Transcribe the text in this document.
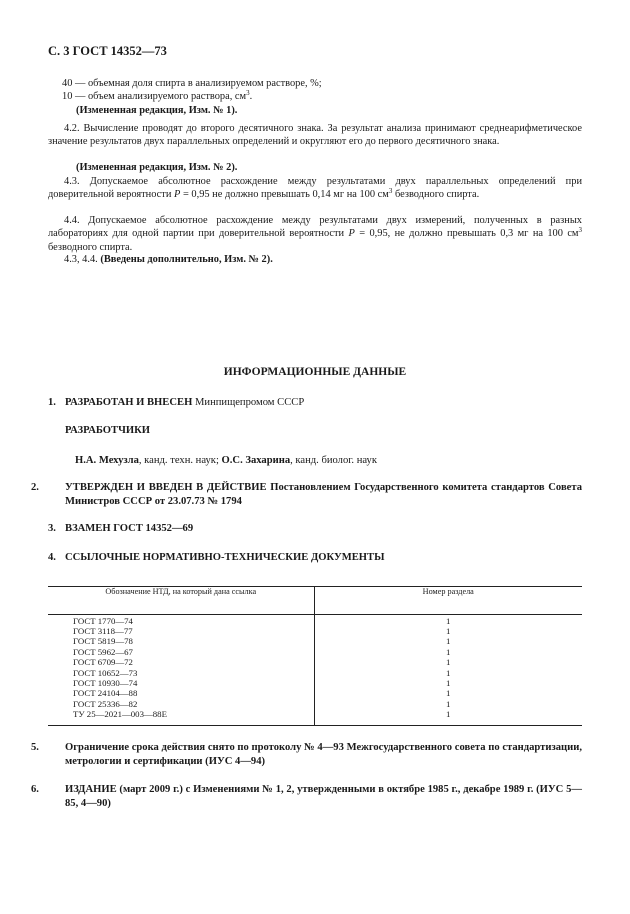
С. 3 ГОСТ 14352—73
40 — объемная доля спирта в анализируемом растворе, %;
10 — объем анализируемого раствора, $см^3$.
(Измененная редакция, Изм. № 1).
4.2. Вычисление проводят до второго десятичного знака. За результат анализа принимают среднеарифметическое значение результатов двух параллельных определений и округляют его до первого десятичного знака.
(Измененная редакция, Изм. № 2).
4.3. Допускаемое абсолютное расхождение между результатами двух параллельных определений при доверительной вероятности P = 0,95 не должно превышать 0,14 мг на 100 $см^3$ безводного спирта.
4.4. Допускаемое абсолютное расхождение между результатами двух измерений, полученных в разных лабораториях для одной партии при доверительной вероятности P = 0,95, не должно превышать 0,3 мг на 100 $см^3$ безводного спирта.
4.3, 4.4. (Введены дополнительно, Изм. № 2).
ИНФОРМАЦИОННЫЕ ДАННЫЕ
1. РАЗРАБОТАН И ВНЕСЕН Минпищепромом СССР
РАЗРАБОТЧИКИ
Н.А. Мехузла, канд. техн. наук; О.С. Захарина, канд. биолог. наук
2. УТВЕРЖДЕН И ВВЕДЕН В ДЕЙСТВИЕ Постановлением Государственного комитета стандартов Совета Министров СССР от 23.07.73 № 1794
3. ВЗАМЕН ГОСТ 14352—69
4. ССЫЛОЧНЫЕ НОРМАТИВНО-ТЕХНИЧЕСКИЕ ДОКУМЕНТЫ
Обозначение НТД, на который дана ссылка	Номер раздела

ГОСТ 1770—74	1
ГОСТ 3118—77	1
ГОСТ 5819—78	1
ГОСТ 5962—67	1
ГОСТ 6709—72	1
ГОСТ 10652—73	1
ГОСТ 10930—74	1
ГОСТ 24104—88	1
ГОСТ 25336—82	1
ТУ 25—2021—003—88Е	1

5. Ограничение срока действия снято по протоколу № 4—93 Межгосударственного совета по стандартизации, метрологии и сертификации (ИУС 4—94)
6. ИЗДАНИЕ (март 2009 г.) с Изменениями № 1, 2, утвержденными в октябре 1985 г., декабре 1989 г. (ИУС 5—85, 4—90)
